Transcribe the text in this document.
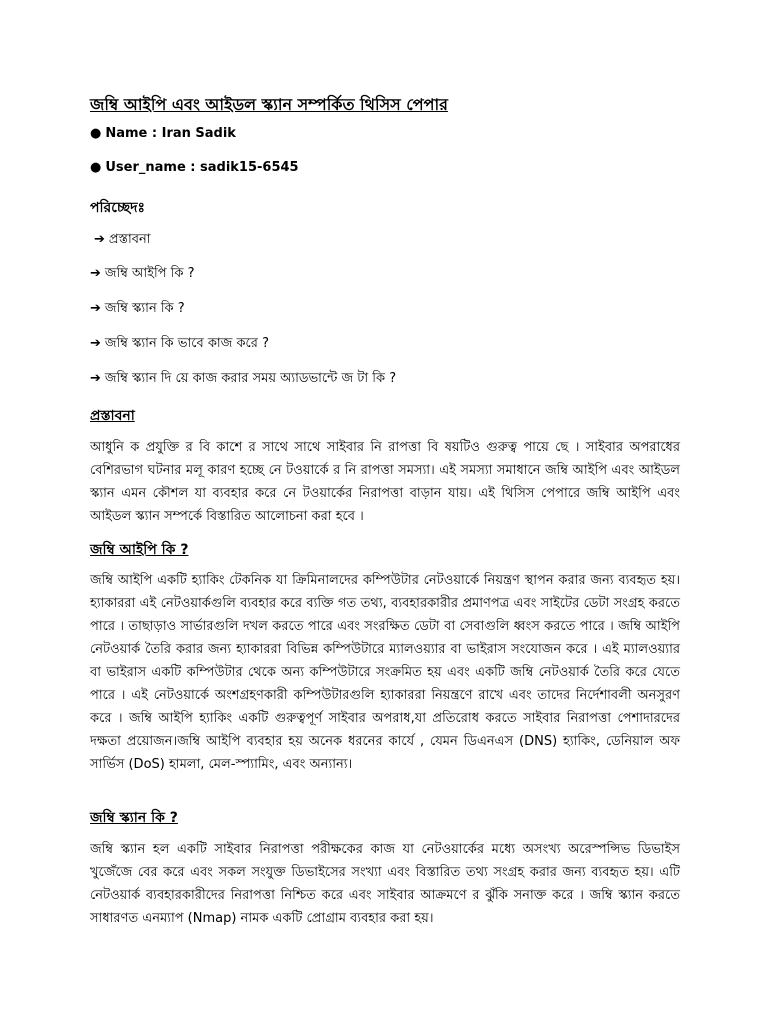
জম্বি আইপি এবং আইডল স্ক্যান সম্পর্কিত থিসিস পেপার
● Name : Iran Sadik
● User_name : sadik15-6545
পরিচ্ছেদঃ
➔ প্রস্তাবনা
➔ জম্বি আইপি কি ?
➔ জম্বি স্ক্যান কি ?
➔ জম্বি স্ক্যান কি ভাবে কাজ করে ?
➔ জম্বি স্ক্যান দি য়ে কাজ করার সময় অ্যাডভান্টে জ টা কি ?
প্রস্তাবনা
আধুনি ক প্রযুক্তি র বি কাশে র সাথে সাথে সাইবার নি রাপত্তা বি ষয়টিও গুরুত্ব পায়ে ছে । সাইবার অপরাধের বেশিরভাগ ঘটনার মলূ কারণ হচ্ছে নে টওয়ার্কে র নি রাপত্তা সমস্যা। এই সমস্যা সমাধানে জম্বি আইপি এবং আইডল স্ক্যান এমন কৌশল যা ব্যবহার করে নে টওয়ার্কের নিরাপত্তা বাড়ান যায়। এই থিসিস পেপারে জম্বি আইপি এবং আইডল স্ক্যান সম্পর্কে বিস্তারিত আলোচনা করা হবে ।
জম্বি আইপি কি ?
জম্বি আইপি একটি হ্যাকিং টেকনিক যা ক্রিমিনালদের কম্পিউটার নেটওয়ার্কে নিয়ন্ত্রণ স্থাপন করার জন্য ব্যবহৃত হয়। হ্যাকাররা এই নেটওয়ার্কগুলি ব্যবহার করে ব্যক্তি গত তথ্য, ব্যবহারকারীর প্রমাণপত্র এবং সাইটের ডেটা সংগ্রহ করতে পারে । তাছাড়াও সার্ভারগুলি দখল করতে পারে এবং সংরক্ষিত ডেটা বা সেবাগুলি ধ্বংস করতে পারে । জম্বি আইপি নেটওয়ার্ক তৈরি করার জন্য হ্যাকাররা বিভিন্ন কম্পিউটারে ম্যালওয়্যার বা ভাইরাস সংযোজন করে । এই ম্যালওয়্যার বা ভাইরাস একটি কম্পিউটার থেকে অন্য কম্পিউটারে সংক্রমিত হয় এবং একটি জম্বি নেটওয়ার্ক তৈরি করে যেতে পারে । এই নেটওয়ার্কে অংশগ্রহণকারী কম্পিউটারগুলি হ্যাকাররা নিয়ন্ত্রণে রাখে এবং তাদের নির্দেশাবলী অনসুরণ করে । জম্বি আইপি হ্যাকিং একটি গুরুত্বপূর্ণ সাইবার অপরাধ,যা প্রতিরোধ করতে সাইবার নিরাপত্তা পেশাদারদের দক্ষতা প্রয়োজন।জম্বি আইপি ব্যবহার হয় অনেক ধরনের কার্যে , যেমন ডিএনএস (DNS) হ্যাকিং, ডেনিয়াল অফ সার্ভিস (DoS) হামলা, মেল-স্প্যামিং, এবং অন্যান্য।
জম্বি স্ক্যান কি ?
জম্বি স্ক্যান হল একটি সাইবার নিরাপত্তা পরীক্ষকের কাজ যা নেটওয়ার্কের মধ্যে অসংখ্য অরেস্পন্সিভ ডিভাইস খুজেঁজে বের করে এবং সকল সংযুক্ত ডিভাইসের সংখ্যা এবং বিস্তারিত তথ্য সংগ্রহ করার জন্য ব্যবহৃত হয়। এটি নেটওয়ার্ক ব্যবহারকারীদের নিরাপত্তা নিশ্চিত করে এবং সাইবার আক্রমণে র ঝুঁকি সনাক্ত করে । জম্বি স্ক্যান করতে সাধারণত এনম্যাপ (Nmap) নামক একটি প্রোগ্রাম ব্যবহার করা হয়।
